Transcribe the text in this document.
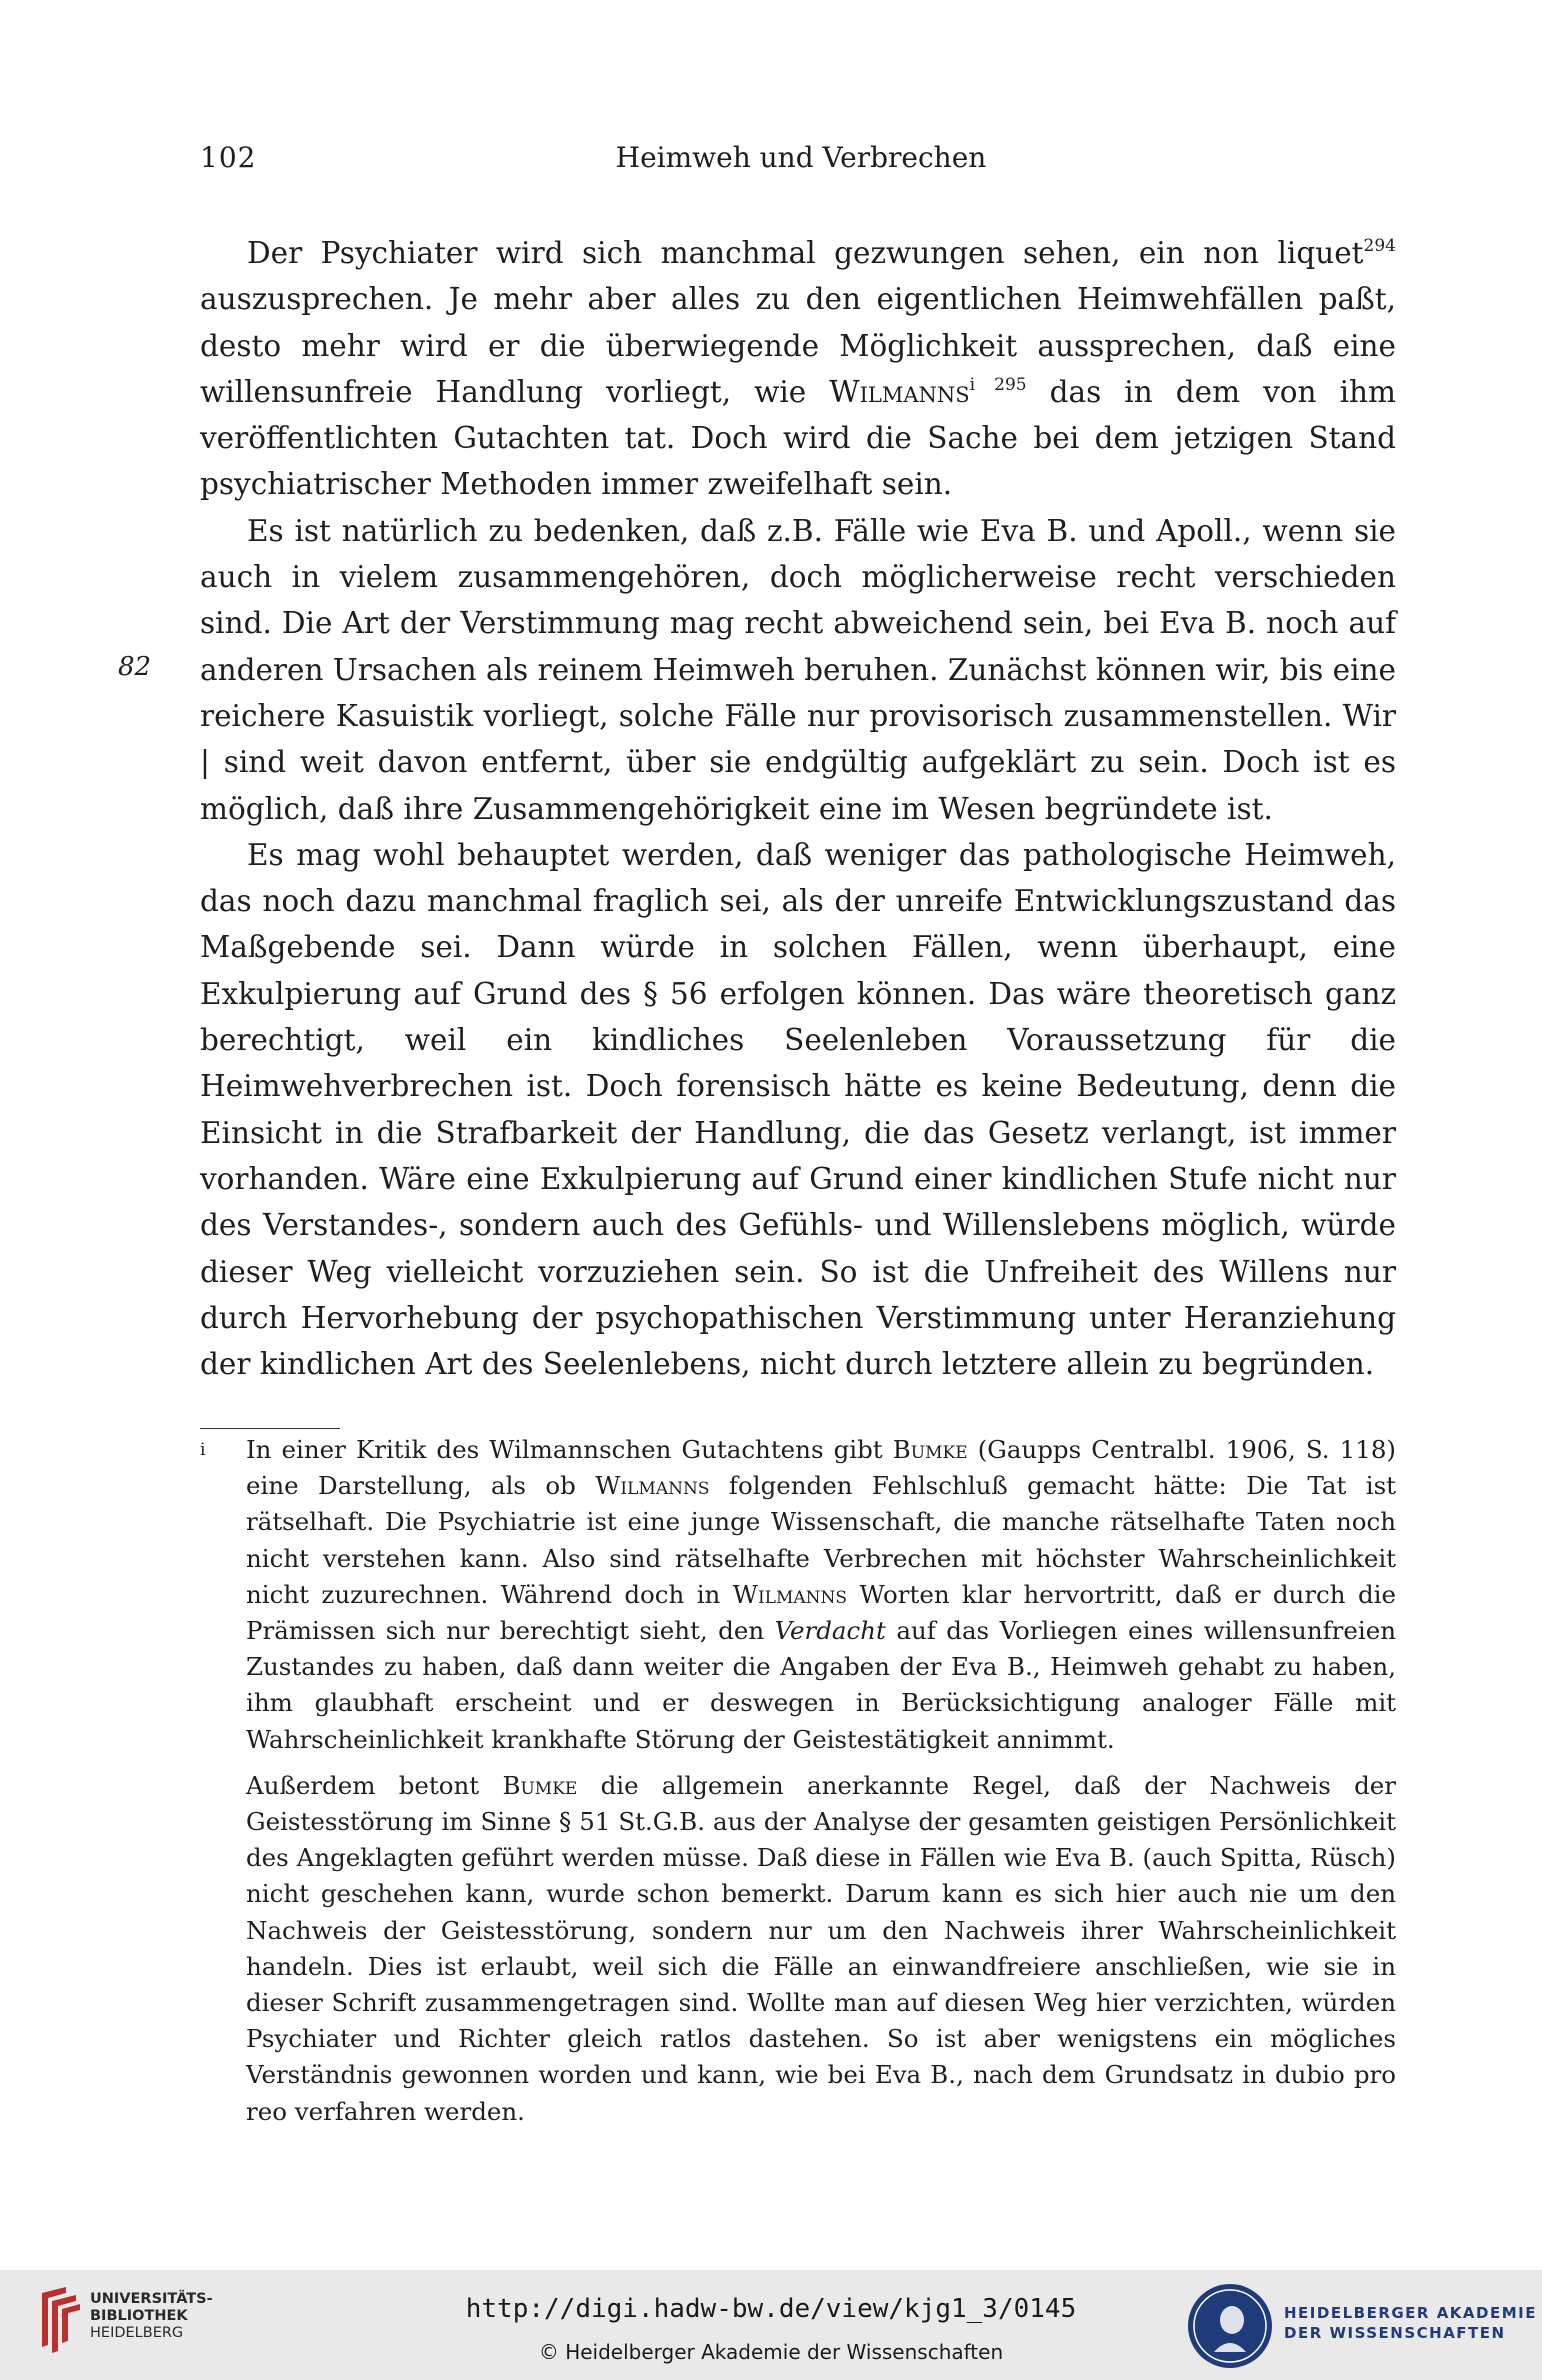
102	Heimweh und Verbrechen
82

Der Psychiater wird sich manchmal gezwungen sehen, ein non liquet$^{294}$ auszusprechen. Je mehr aber alles zu den eigentlichen Heimwehfällen paßt, desto mehr wird er die überwiegende Möglichkeit aussprechen, daß eine willensunfreie Handlung vorliegt, wie Wilmanns$^{i 295}$ das in dem von ihm veröffentlichten Gutachten tat. Doch wird die Sache bei dem jetzigen Stand psychiatrischer Methoden immer zweifelhaft sein.

Es ist natürlich zu bedenken, daß z.B. Fälle wie Eva B. und Apoll., wenn sie auch in vielem zusammengehören, doch möglicherweise recht verschieden sind. Die Art der Verstimmung mag recht abweichend sein, bei Eva B. noch auf anderen Ursachen als reinem Heimweh beruhen. Zunächst können wir, bis eine reichere Kasuistik vorliegt, solche Fälle nur provisorisch zusammenstellen. Wir | sind weit davon entfernt, über sie endgültig aufgeklärt zu sein. Doch ist es möglich, daß ihre Zusammengehörigkeit eine im Wesen begründete ist.

Es mag wohl behauptet werden, daß weniger das pathologische Heimweh, das noch dazu manchmal fraglich sei, als der unreife Entwicklungszustand das Maßgebende sei. Dann würde in solchen Fällen, wenn überhaupt, eine Exkulpierung auf Grund des § 56 erfolgen können. Das wäre theoretisch ganz berechtigt, weil ein kindliches Seelenleben Voraussetzung für die Heimwehverbrechen ist. Doch forensisch hätte es keine Bedeutung, denn die Einsicht in die Strafbarkeit der Handlung, die das Gesetz verlangt, ist immer vorhanden. Wäre eine Exkulpierung auf Grund einer kindlichen Stufe nicht nur des Verstandes-, sondern auch des Gefühls- und Willenslebens möglich, würde dieser Weg vielleicht vorzuziehen sein. So ist die Unfreiheit des Willens nur durch Hervorhebung der psychopathischen Verstimmung unter Heranziehung der kindlichen Art des Seelenlebens, nicht durch letztere allein zu begründen.

i	In einer Kritik des Wilmannschen Gutachtens gibt Bumke (Gaupps Centralbl. 1906, S. 118) eine Darstellung, als ob Wilmanns folgenden Fehlschluß gemacht hätte: Die Tat ist rätselhaft. Die Psychiatrie ist eine junge Wissenschaft, die manche rätselhafte Taten noch nicht verstehen kann. Also sind rätselhafte Verbrechen mit höchster Wahrscheinlichkeit nicht zuzurechnen. Während doch in Wilmanns Worten klar hervortritt, daß er durch die Prämissen sich nur berechtigt sieht, den Verdacht auf das Vorliegen eines willensunfreien Zustandes zu haben, daß dann weiter die Angaben der Eva B., Heimweh gehabt zu haben, ihm glaubhaft erscheint und er deswegen in Berücksichtigung analoger Fälle mit Wahrscheinlichkeit krankhafte Störung der Geistestätigkeit annimmt.

Außerdem betont Bumke die allgemein anerkannte Regel, daß der Nachweis der Geistesstörung im Sinne § 51 St.G.B. aus der Analyse der gesamten geistigen Persönlichkeit des Angeklagten geführt werden müsse. Daß diese in Fällen wie Eva B. (auch Spitta, Rüsch) nicht geschehen kann, wurde schon bemerkt. Darum kann es sich hier auch nie um den Nachweis der Geistesstörung, sondern nur um den Nachweis ihrer Wahrscheinlichkeit handeln. Dies ist erlaubt, weil sich die Fälle an einwandfreiere anschließen, wie sie in dieser Schrift zusammengetragen sind. Wollte man auf diesen Weg hier verzichten, würden Psychiater und Richter gleich ratlos dastehen. So ist aber wenigstens ein mögliches Verständnis gewonnen worden und kann, wie bei Eva B., nach dem Grundsatz in dubio pro reo verfahren werden.

UNIVERSITÄTS-
BIBLIOTHEK
HEIDELBERG
http://digi.hadw-bw.de/view/kjg1_3/0145
© Heidelberger Akademie der Wissenschaften
HEIDELBERGER AKADEMIE
DER WISSENSCHAFTEN
